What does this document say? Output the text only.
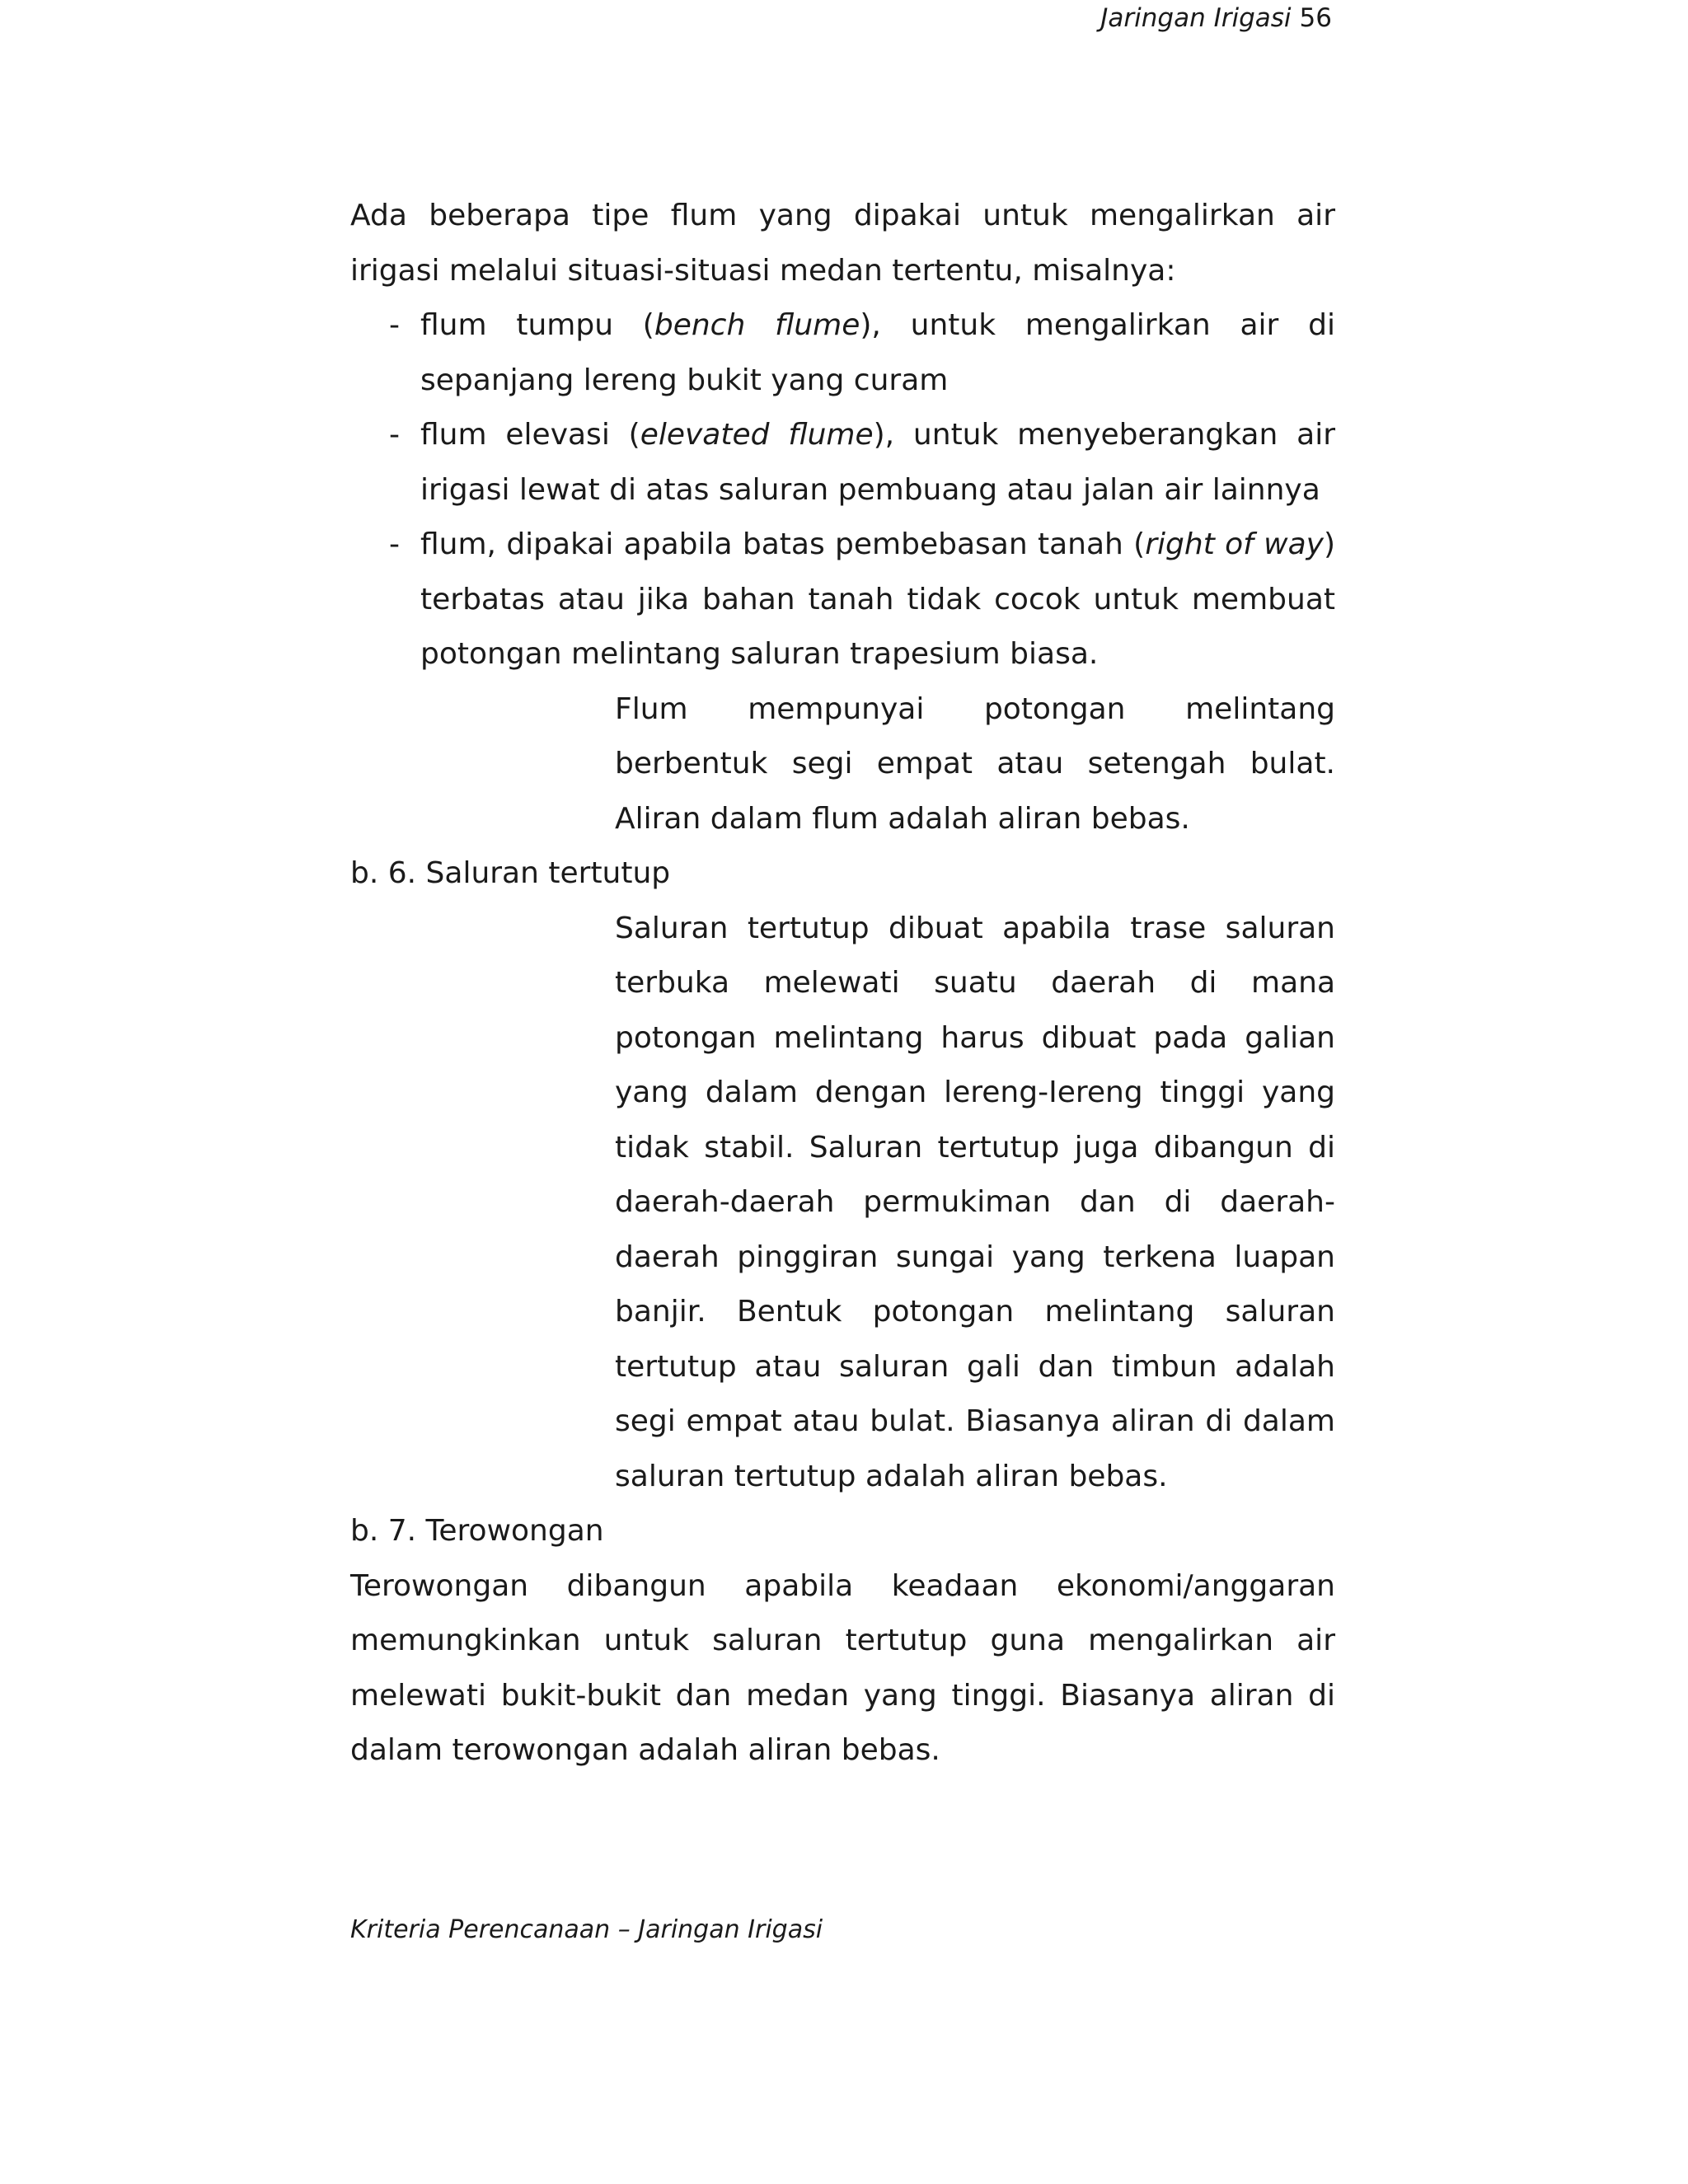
Jaringan Irigasi 56

Ada beberapa tipe flum yang dipakai untuk mengalirkan air irigasi melalui situasi-situasi medan tertentu, misalnya:

- flum tumpu (bench flume), untuk mengalirkan air di sepanjang lereng bukit yang curam
- flum elevasi (elevated flume), untuk menyeberangkan air irigasi lewat di atas saluran pembuang atau jalan air lainnya
- flum, dipakai apabila batas pembebasan tanah (right of way) terbatas atau jika bahan tanah tidak cocok untuk membuat potongan melintang saluran trapesium biasa.

Flum mempunyai potongan melintang berbentuk segi empat atau setengah bulat. Aliran dalam flum adalah aliran bebas.

b. 6. Saluran tertutup

Saluran tertutup dibuat apabila trase saluran terbuka melewati suatu daerah di mana potongan melintang harus dibuat pada galian yang dalam dengan lereng-Iereng tinggi yang tidak stabil. Saluran tertutup juga dibangun di daerah-daerah permukiman dan di daerah-daerah pinggiran sungai yang terkena luapan banjir. Bentuk potongan melintang saluran tertutup atau saluran gali dan timbun adalah segi empat atau bulat. Biasanya aliran di dalam saluran tertutup adalah aliran bebas.

b. 7. Terowongan

Terowongan dibangun apabila keadaan ekonomi/anggaran memungkinkan untuk saluran tertutup guna mengalirkan air melewati bukit-bukit dan medan yang tinggi. Biasanya aliran di dalam terowongan adalah aliran bebas.

Kriteria Perencanaan – Jaringan Irigasi
